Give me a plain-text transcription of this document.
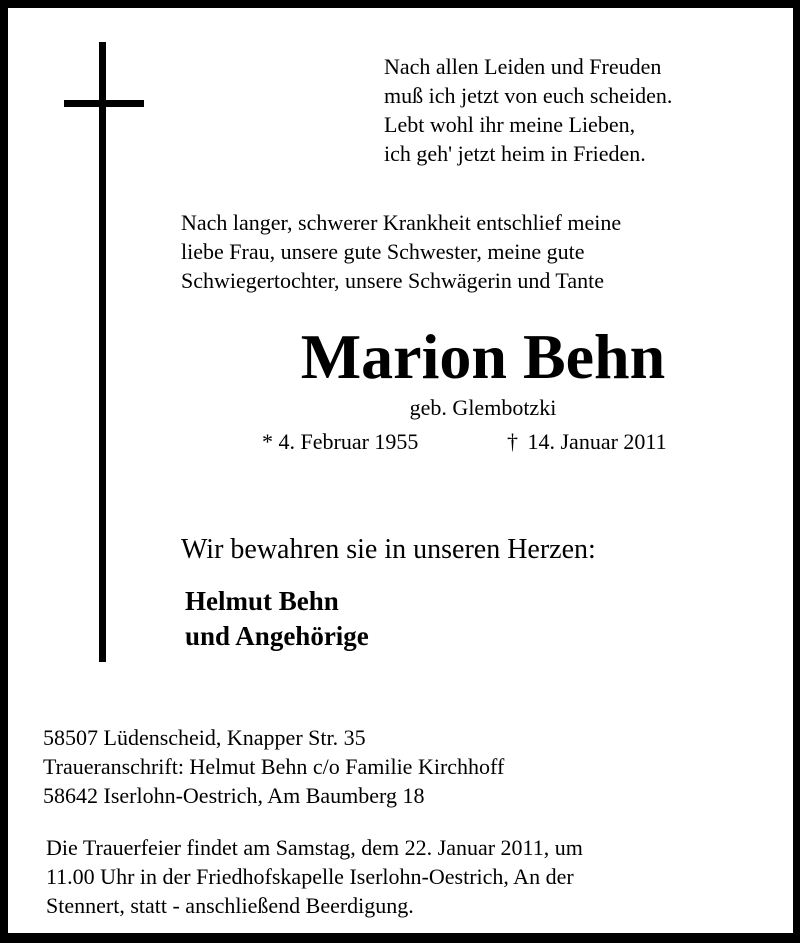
Nach allen Leiden und Freuden
muß ich jetzt von euch scheiden.
Lebt wohl ihr meine Lieben,
ich geh' jetzt heim in Frieden.
Nach langer, schwerer Krankheit entschlief meine
liebe Frau, unsere gute Schwester, meine gute
Schwiegertochter, unsere Schwägerin und Tante
Marion Behn
geb. Glembotzki
* 4. Februar 1955	† 14. Januar 2011
Wir bewahren sie in unseren Herzen:
Helmut Behn
und Angehörige
58507 Lüdenscheid, Knapper Str. 35
Traueranschrift: Helmut Behn c/o Familie Kirchhoff
58642 Iserlohn-Oestrich, Am Baumberg 18
Die Trauerfeier findet am Samstag, dem 22. Januar 2011, um
11.00 Uhr in der Friedhofskapelle Iserlohn-Oestrich, An der
Stennert, statt - anschließend Beerdigung.
